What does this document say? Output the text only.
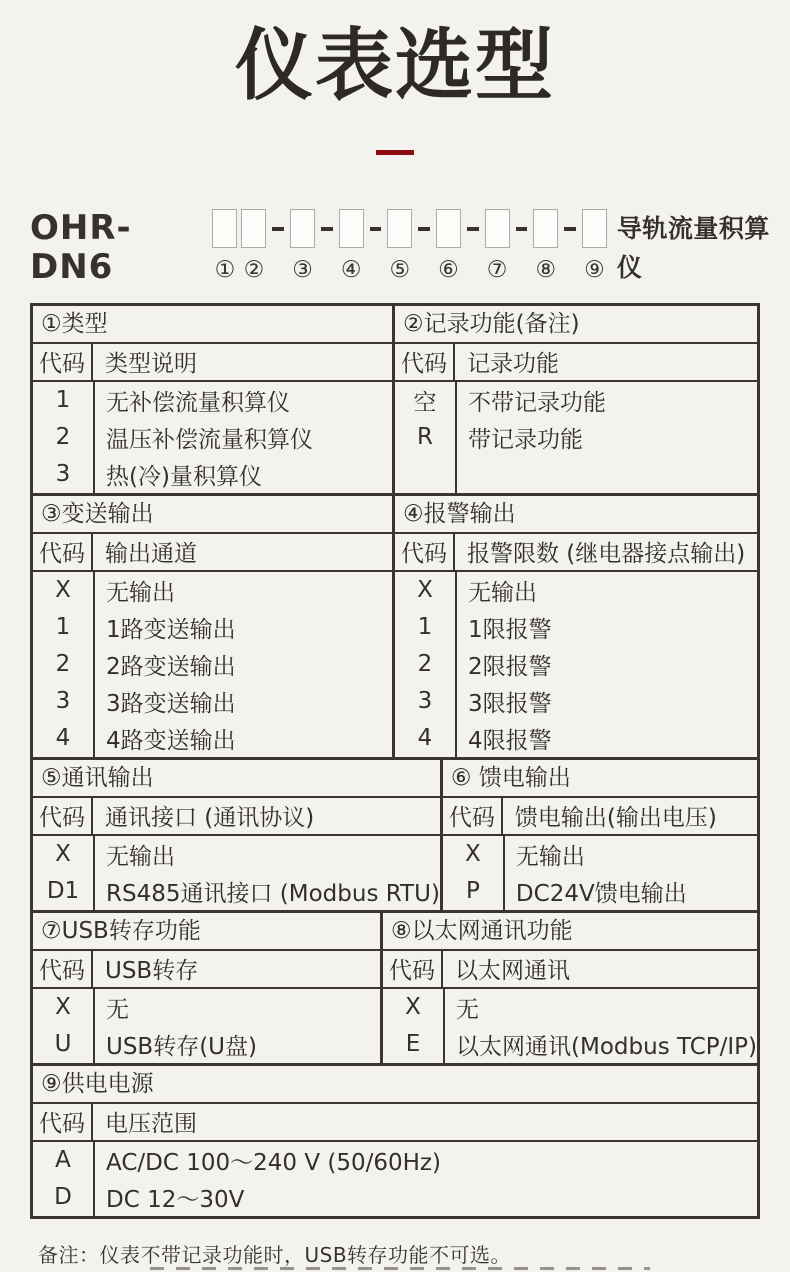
仪表选型
OHR-DN6	① ② ③ ④ ⑤ ⑥ ⑦ ⑧ ⑨
导轨流量积算仪
①类型
代码 类型说明
1	无补偿流量积算仪
2	温压补偿流量积算仪
3	热(冷)量积算仪
②记录功能(备注)
代码 记录功能
空	不带记录功能
R	带记录功能
③变送输出
代码 输出通道
X	无输出
1	1路变送输出
2	2路变送输出
3	3路变送输出
4	4路变送输出
④报警输出
代码 报警限数 (继电器接点输出)
X	无输出
1	1限报警
2	2限报警
3	3限报警
4	4限报警
⑤通讯输出
代码 通讯接口 (通讯协议)
X	无输出
D1	RS485通讯接口 (Modbus RTU)
⑥ 馈电输出
代码 馈电输出(输出电压)
X	无输出
P	DC24V馈电输出
⑦USB转存功能
代码 USB转存
X	无
U	USB转存(U盘)
⑧以太网通讯功能
代码 以太网通讯
X	无
E	以太网通讯(Modbus TCP/IP)
⑨供电电源
代码 电压范围
A	AC/DC 100～240 V (50/60Hz)
D	DC 12～30V
备注：仪表不带记录功能时，USB转存功能不可选。
